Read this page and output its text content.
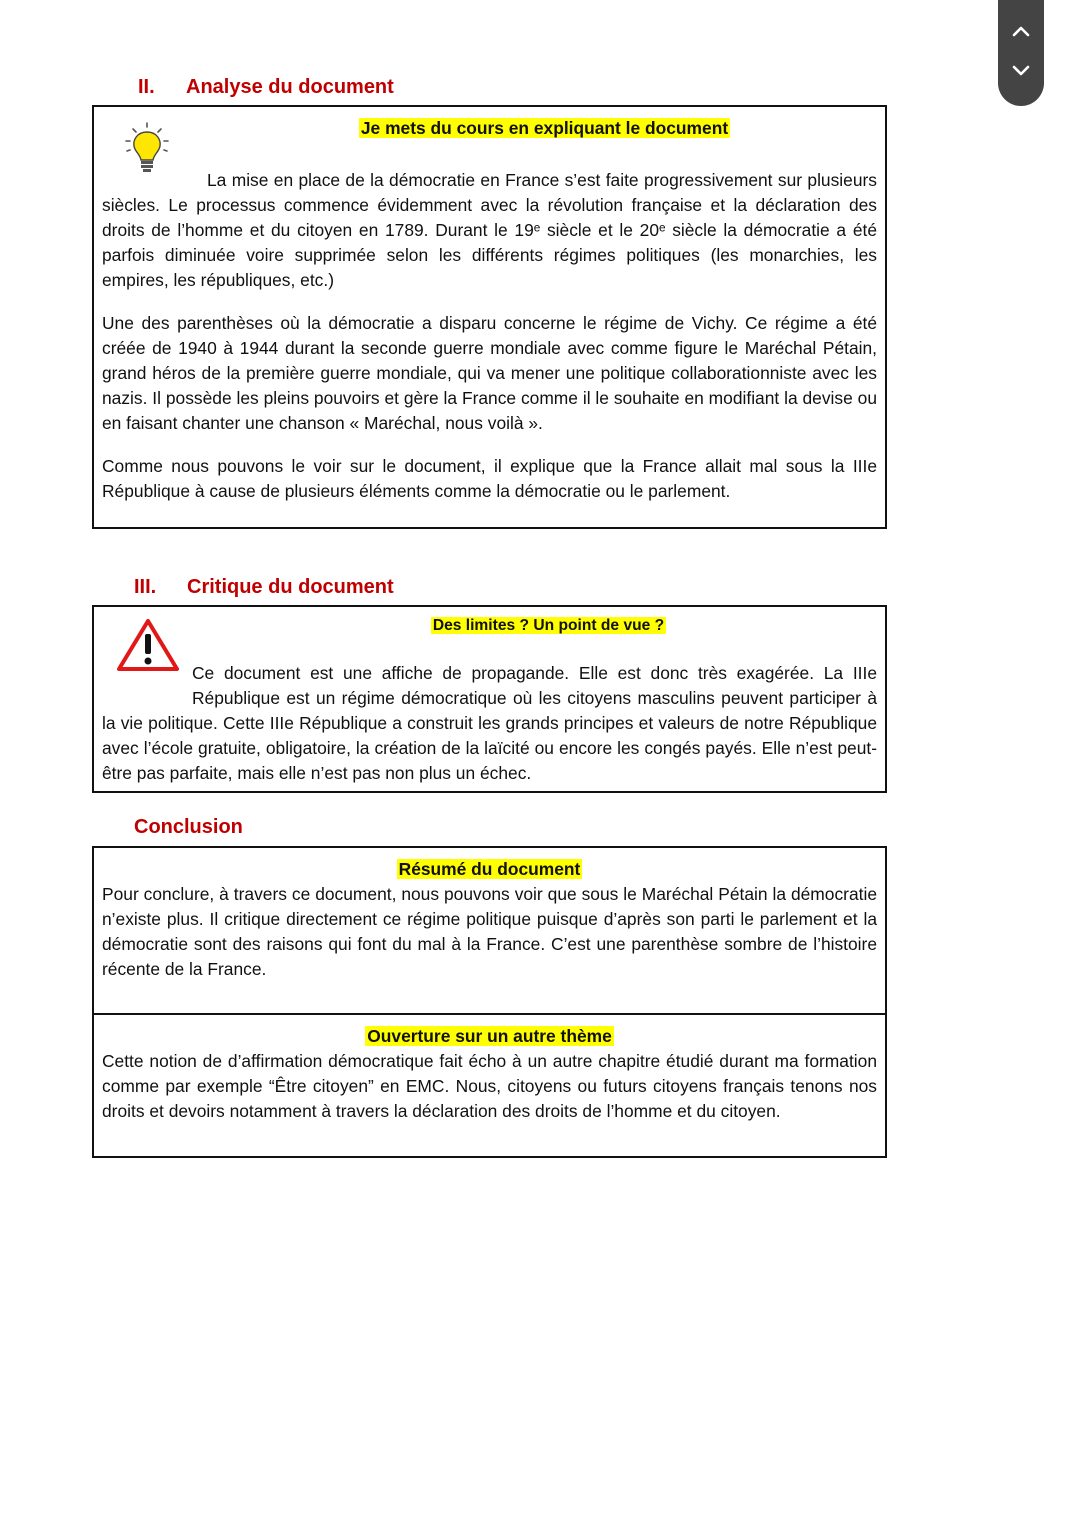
II. Analyse du document
Je mets du cours en expliquant le document
La mise en place de la démocratie en France s’est faite progressivement sur plusieurs siècles. Le processus commence évidemment avec la révolution française et la déclaration des droits de l’homme et du citoyen en 1789. Durant le 19ᵉ siècle et le 20ᵉ siècle la démocratie a été parfois diminuée voire supprimée selon les différents régimes politiques (les monarchies, les empires, les républiques, etc.)
Une des parenthèses où la démocratie a disparu concerne le régime de Vichy. Ce régime a été créée de 1940 à 1944 durant la seconde guerre mondiale avec comme figure le Maréchal Pétain, grand héros de la première guerre mondiale, qui va mener une politique collaborationniste avec les nazis. Il possède les pleins pouvoirs et gère la France comme il le souhaite en modifiant la devise ou en faisant chanter une chanson « Maréchal, nous voilà ».
Comme nous pouvons le voir sur le document, il explique que la France allait mal sous la IIIe République à cause de plusieurs éléments comme la démocratie ou le parlement.
III. Critique du document
Des limites ? Un point de vue ?
Ce document est une affiche de propagande. Elle est donc très exagérée. La IIIe République est un régime démocratique où les citoyens masculins peuvent participer à la vie politique. Cette IIIe République a construit les grands principes et valeurs de notre République avec l’école gratuite, obligatoire, la création de la laïcité ou encore les congés payés. Elle n’est peut-être pas parfaite, mais elle n’est pas non plus un échec.
Conclusion
Résumé du document
Pour conclure, à travers ce document, nous pouvons voir que sous le Maréchal Pétain la démocratie n’existe plus. Il critique directement ce régime politique puisque d’après son parti le parlement et la démocratie sont des raisons qui font du mal à la France. C’est une parenthèse sombre de l’histoire récente de la France.
Ouverture sur un autre thème
Cette notion de d’affirmation démocratique fait écho à un autre chapitre étudié durant ma formation comme par exemple “Être citoyen” en EMC. Nous, citoyens ou futurs citoyens français tenons nos droits et devoirs notamment à travers la déclaration des droits de l’homme et du citoyen.
